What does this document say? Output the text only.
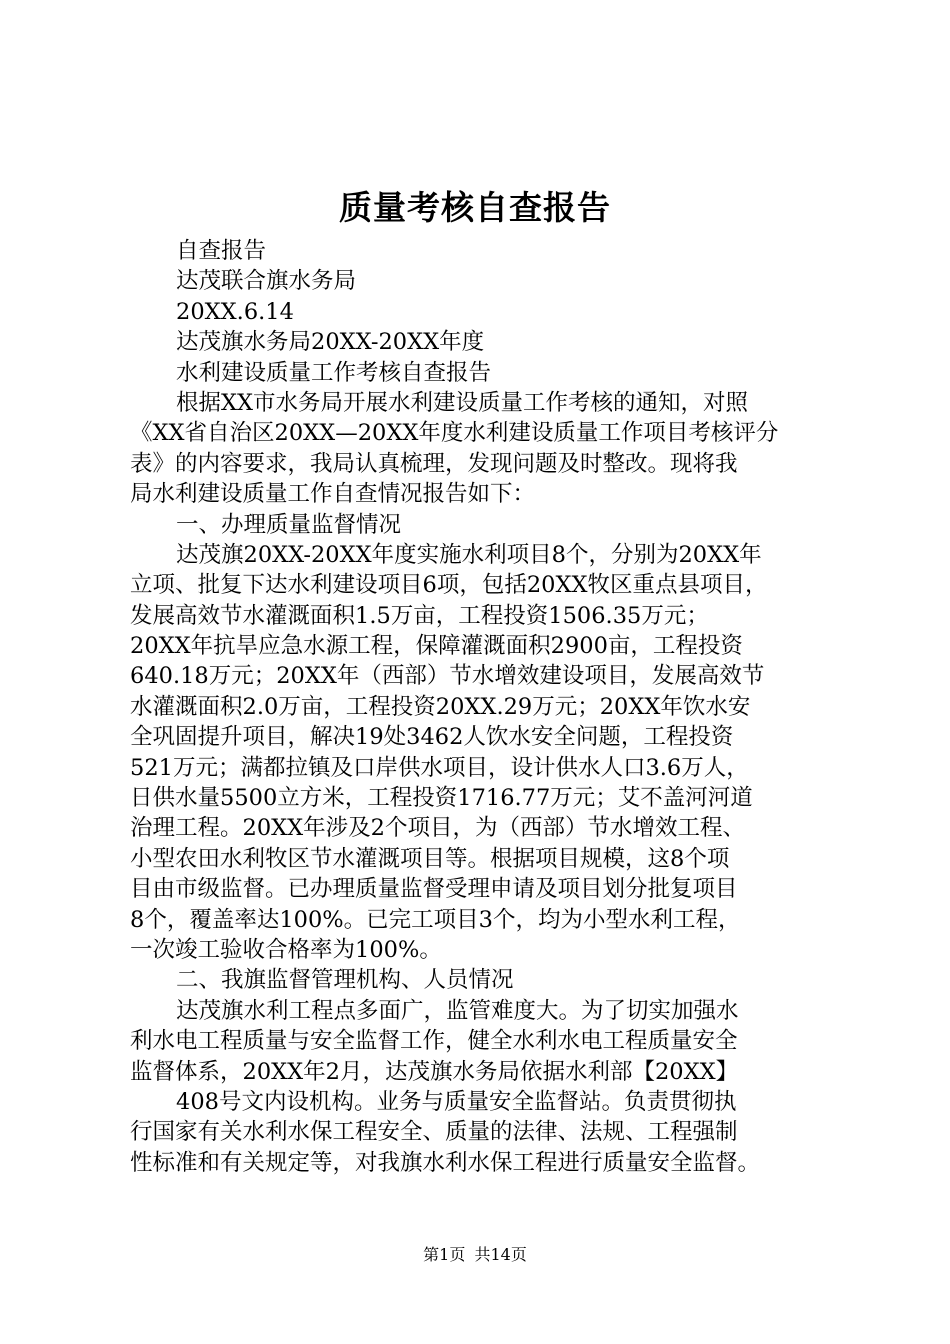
质量考核自查报告
自查报告
达茂联合旗水务局
20XX.6.14
达茂旗水务局20XX-20XX年度
水利建设质量工作考核自查报告
根据XX市水务局开展水利建设质量工作考核的通知，对照
《XX省自治区20XX—20XX年度水利建设质量工作项目考核评分
表》的内容要求，我局认真梳理，发现问题及时整改。现将我
局水利建设质量工作自查情况报告如下：
一、办理质量监督情况
达茂旗20XX-20XX年度实施水利项目8个，分别为20XX年
立项、批复下达水利建设项目6项，包括20XX牧区重点县项目，
发展高效节水灌溉面积1.5万亩，工程投资1506.35万元；
20XX年抗旱应急水源工程，保障灌溉面积2900亩，工程投资
640.18万元；20XX年（西部）节水增效建设项目，发展高效节
水灌溉面积2.0万亩，工程投资20XX.29万元；20XX年饮水安
全巩固提升项目，解决19处3462人饮水安全问题，工程投资
521万元；满都拉镇及口岸供水项目，设计供水人口3.6万人，
日供水量5500立方米，工程投资1716.77万元；艾不盖河河道
治理工程。20XX年涉及2个项目，为（西部）节水增效工程、
小型农田水利牧区节水灌溉项目等。根据项目规模，这8个项
目由市级监督。已办理质量监督受理申请及项目划分批复项目
8个，覆盖率达100%。已完工项目3个，均为小型水利工程，
一次竣工验收合格率为100%。
二、我旗监督管理机构、人员情况
达茂旗水利工程点多面广，监管难度大。为了切实加强水
利水电工程质量与安全监督工作，健全水利水电工程质量安全
监督体系，20XX年2月，达茂旗水务局依据水利部【20XX】
408号文内设机构。业务与质量安全监督站。负责贯彻执
行国家有关水利水保工程安全、质量的法律、法规、工程强制
性标准和有关规定等，对我旗水利水保工程进行质量安全监督。
第1页 共14页
